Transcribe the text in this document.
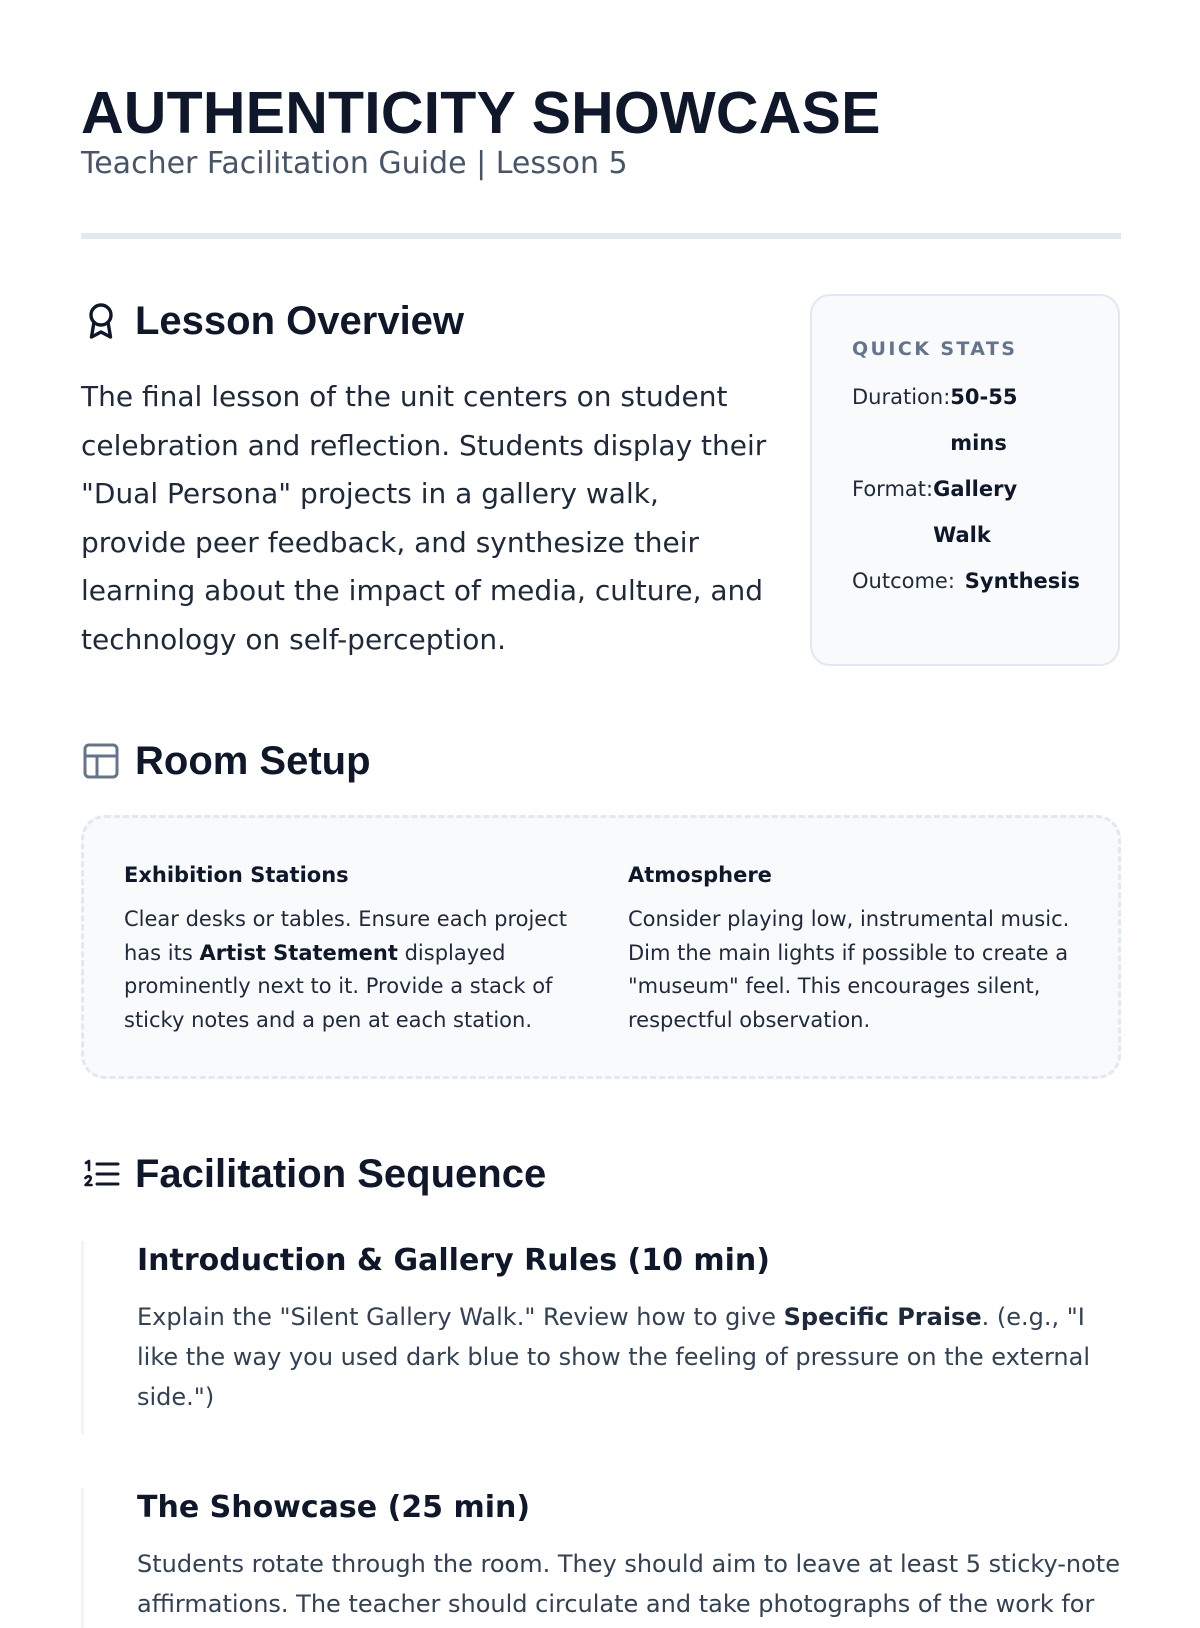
AUTHENTICITY SHOWCASE

Teacher Facilitation Guide | Lesson 5

Lesson Overview

The final lesson of the unit centers on student celebration and reflection. Students display their "Dual Persona" projects in a gallery walk, provide peer feedback, and synthesize their learning about the impact of media, culture, and technology on self-perception.

QUICK STATS

Duration: 50-55 mins
Format: Gallery Walk
Outcome: Synthesis
Room Setup
Exhibition Stations

Clear desks or tables. Ensure each project has its Artist Statement displayed prominently next to it. Provide a stack of sticky notes and a pen at each station.

Atmosphere

Consider playing low, instrumental music. Dim the main lights if possible to create a "museum" feel. This encourages silent, respectful observation.

Facilitation Sequence
Introduction & Gallery Rules (10 min)

Explain the "Silent Gallery Walk." Review how to give Specific Praise. (e.g., "I like the way you used dark blue to show the feeling of pressure on the external side.")

The Showcase (25 min)

Students rotate through the room. They should aim to leave at least 5 sticky-note affirmations. The teacher should circulate and take photographs of the work for
